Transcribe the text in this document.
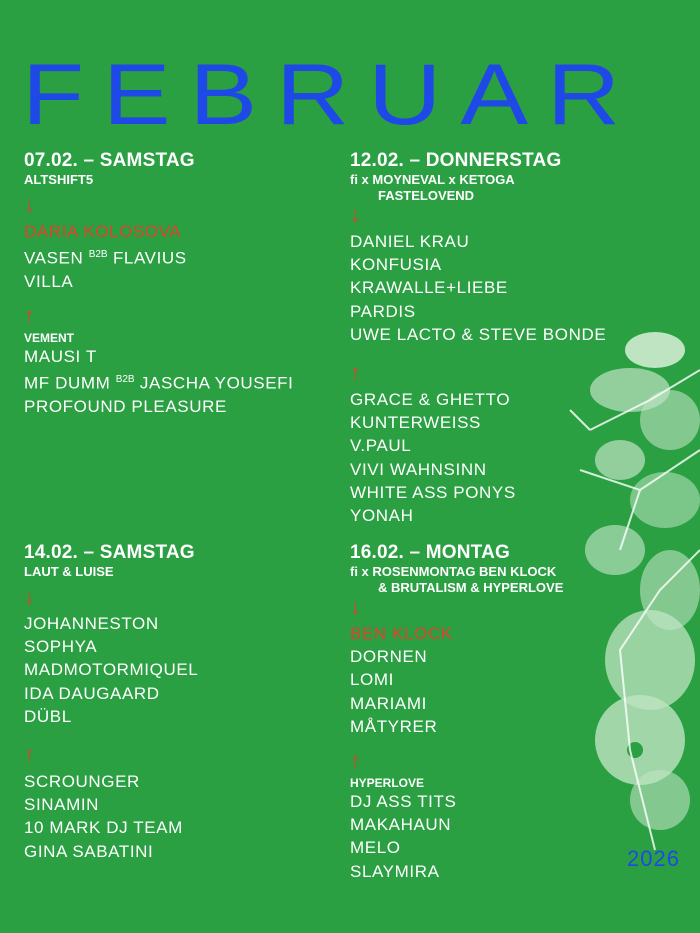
FEBRUAR
07.02. – SAMSTAG
ALTSHIFT5
↓
DARIA KOLOSOVA
VASEN $^{B2B}$ FLAVIUS
VILLA
↑
VEMENT
MAUSI T
MF DUMM $^{B2B}$ JASCHA YOUSEFI
PROFOUND PLEASURE
12.02. – DONNERSTAG
fi x MOYNEVAL x KETOGA
FASTELOVEND
↓
DANIEL KRAU
KONFUSIA
KRAWALLE+LIEBE
PARDIS
UWE LACTO & STEVE BONDE
↑
GRACE & GHETTO
KUNTERWEISS
V.PAUL
VIVI WAHNSINN
WHITE ASS PONYS
YONAH
14.02. – SAMSTAG
LAUT & LUISE
↓
JOHANNESTON
SOPHYA
MADMOTORMIQUEL
IDA DAUGAARD
DÜBL
↑
SCROUNGER
SINAMIN
10 MARK DJ TEAM
GINA SABATINI
16.02. – MONTAG
fi x ROSENMONTAG BEN KLOCK
& BRUTALISM & HYPERLOVE
↓
BEN KLOCK
DORNEN
LOMI
MARIAMI
MÅTYRER
↑
HYPERLOVE
DJ ASS TITS
MAKAHAUN
MELO
SLAYMIRA
2026
